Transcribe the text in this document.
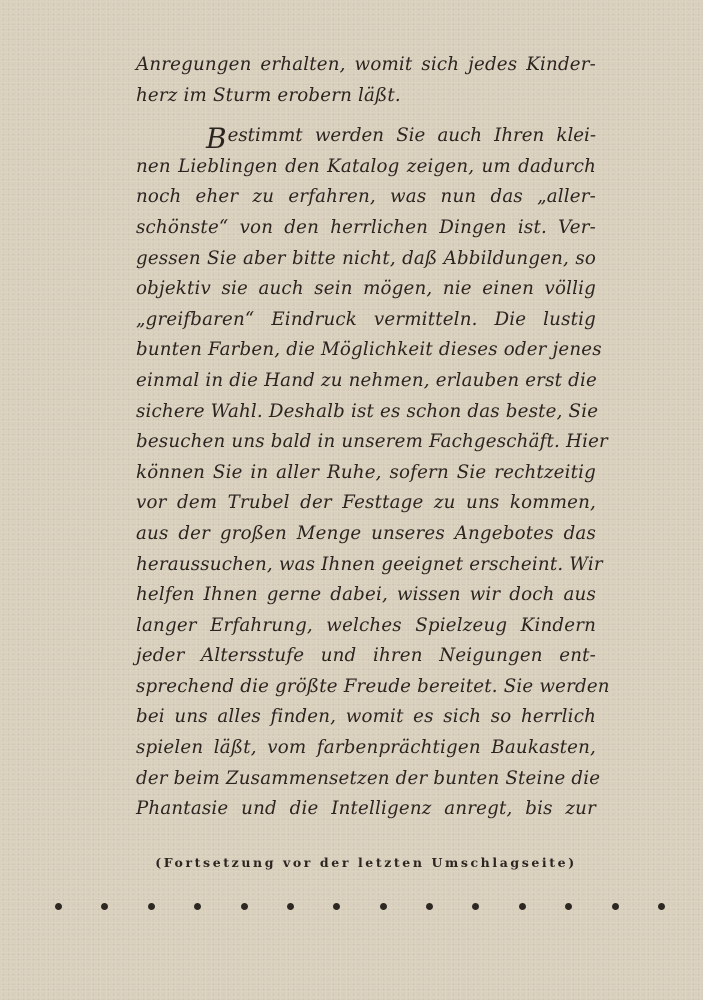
Anregungen erhalten, womit sich jedes Kinder-
herz im Sturm erobern läßt.
B estimmt werden Sie auch Ihren klei-
nen Lieblingen den Katalog zeigen, um dadurch
noch eher zu erfahren, was nun das „aller-
schönste“ von den herrlichen Dingen ist. Ver-
gessen Sie aber bitte nicht, daß Abbildungen, so
objektiv sie auch sein mögen, nie einen völlig
„greifbaren“ Eindruck vermitteln. Die lustig
bunten Farben, die Möglichkeit dieses oder jenes
einmal in die Hand zu nehmen, erlauben erst die
sichere Wahl. Deshalb ist es schon das beste, Sie
besuchen uns bald in unserem Fachgeschäft. Hier
können Sie in aller Ruhe, sofern Sie rechtzeitig
vor dem Trubel der Festtage zu uns kommen,
aus der großen Menge unseres Angebotes das
heraussuchen, was Ihnen geeignet erscheint. Wir
helfen Ihnen gerne dabei, wissen wir doch aus
langer Erfahrung, welches Spielzeug Kindern
jeder Altersstufe und ihren Neigungen ent-
sprechend die größte Freude bereitet. Sie werden
bei uns alles finden, womit es sich so herrlich
spielen läßt, vom farbenprächtigen Baukasten,
der beim Zusammensetzen der bunten Steine die
Phantasie und die Intelligenz anregt, bis zur
(Fortsetzung vor der letzten Umschlagseite)
